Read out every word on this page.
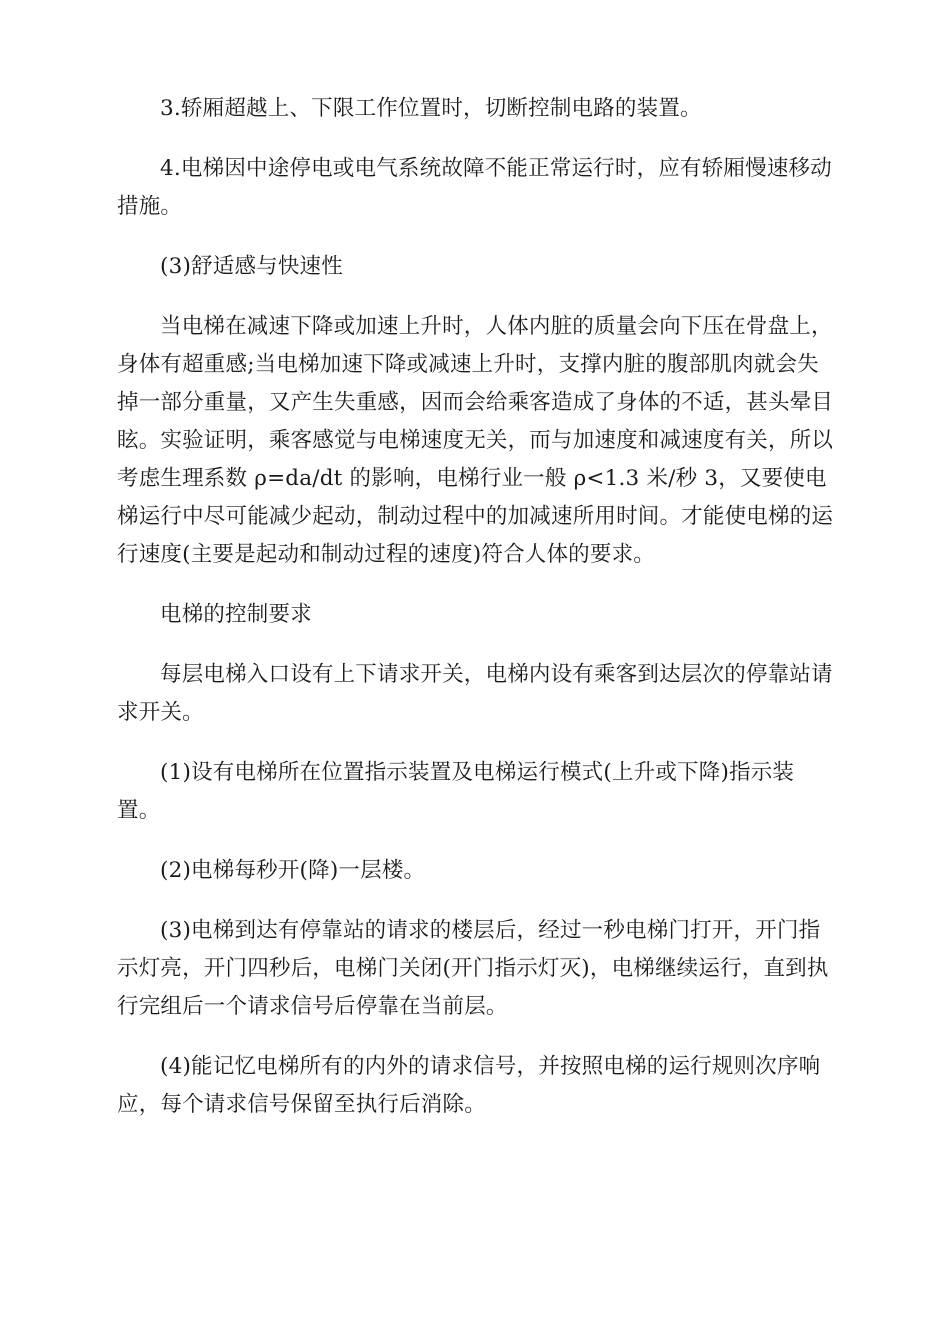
3.轿厢超越上、下限工作位置时，切断控制电路的装置。

4.电梯因中途停电或电气系统故障不能正常运行时，应有轿厢慢速移动措施。

(3)舒适感与快速性

当电梯在减速下降或加速上升时，人体内脏的质量会向下压在骨盘上，身体有超重感;当电梯加速下降或减速上升时，支撑内脏的腹部肌肉就会失掉一部分重量，又产生失重感，因而会给乘客造成了身体的不适，甚头晕目眩。实验证明，乘客感觉与电梯速度无关，而与加速度和减速度有关，所以考虑生理系数 ρ=da/dt 的影响，电梯行业一般 ρ<1.3 米/秒 3，又要使电梯运行中尽可能减少起动，制动过程中的加减速所用时间。才能使电梯的运行速度(主要是起动和制动过程的速度)符合人体的要求。

电梯的控制要求

每层电梯入口设有上下请求开关，电梯内设有乘客到达层次的停靠站请求开关。

(1)设有电梯所在位置指示装置及电梯运行模式(上升或下降)指示装置。

(2)电梯每秒开(降)一层楼。

(3)电梯到达有停靠站的请求的楼层后，经过一秒电梯门打开，开门指示灯亮，开门四秒后，电梯门关闭(开门指示灯灭)，电梯继续运行，直到执行完组后一个请求信号后停靠在当前层。

(4)能记忆电梯所有的内外的请求信号，并按照电梯的运行规则次序响应，每个请求信号保留至执行后消除。
